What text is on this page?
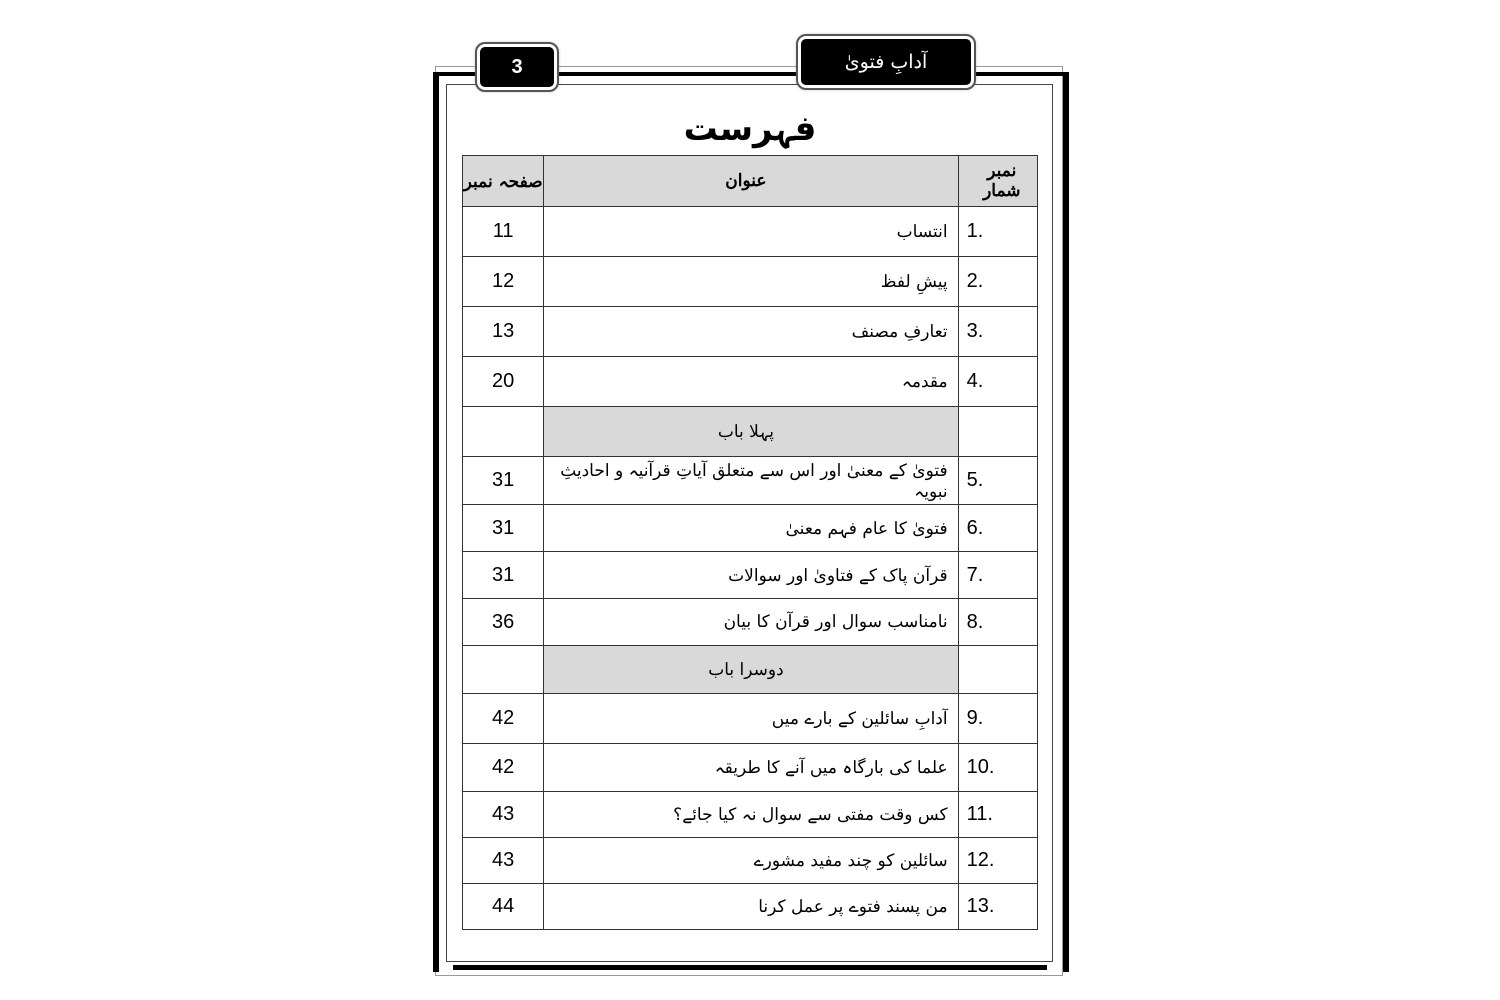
3	آدابِ فتویٰ
فہرست
نمبر شمار	عنوان	صفحہ نمبر
1.	انتساب	11
2.	پیشِ لفظ	12
3.	تعارفِ مصنف	13
4.	مقدمہ	20
	پہلا باب	
5.	فتویٰ کے معنیٰ اور اس سے متعلق آیاتِ قرآنیہ و احادیثِ نبویہ	31
6.	فتویٰ کا عام فہم معنیٰ	31
7.	قرآن پاک کے فتاویٰ اور سوالات	31
8.	نامناسب سوال اور قرآن کا بیان	36
	دوسرا باب	
9.	آدابِ سائلین کے بارے میں	42
10.	علما کی بارگاہ میں آنے کا طریقہ	42
11.	کس وقت مفتی سے سوال نہ کیا جائے؟	43
12.	سائلین کو چند مفید مشورے	43
13.	من پسند فتوے پر عمل کرنا	44
